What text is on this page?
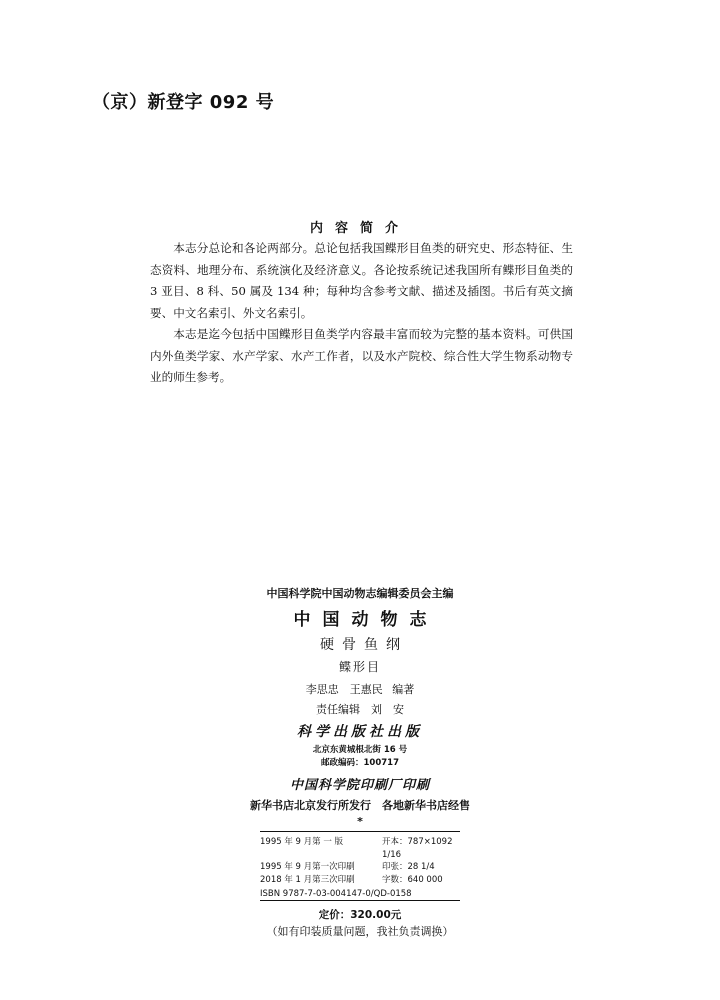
（京）新登字 092 号
内容简介

本志分总论和各论两部分。总论包括我国鲽形目鱼类的研究史、形态特征、生态资料、地理分布、系统演化及经济意义。各论按系统记述我国所有鲽形目鱼类的 3 亚目、8 科、50 属及 134 种；每种均含参考文献、描述及插图。书后有英文摘要、中文名索引、外文名索引。

本志是迄今包括中国鲽形目鱼类学内容最丰富而较为完整的基本资料。可供国内外鱼类学家、水产学家、水产工作者，以及水产院校、综合性大学生物系动物专业的师生参考。

中国科学院中国动物志编辑委员会主编
中国动物志
硬骨鱼纲
鲽形目
李思忠　王惠民 编著
责任编辑　刘　安
科学出版社出版
北京东黄城根北街 16 号
邮政编码：100717
中国科学院印刷厂印刷
新华书店北京发行所发行　各地新华书店经售
*
1995 年 9 月第 一 版	开本：787×1092　1/16
1995 年 9 月第一次印刷	印张：28 1/4
2018 年 1 月第三次印刷	字数：640 000
ISBN 9787-7-03-004147-0/QD-0158
定价：320.00元
（如有印装质量问题，我社负责调换）
